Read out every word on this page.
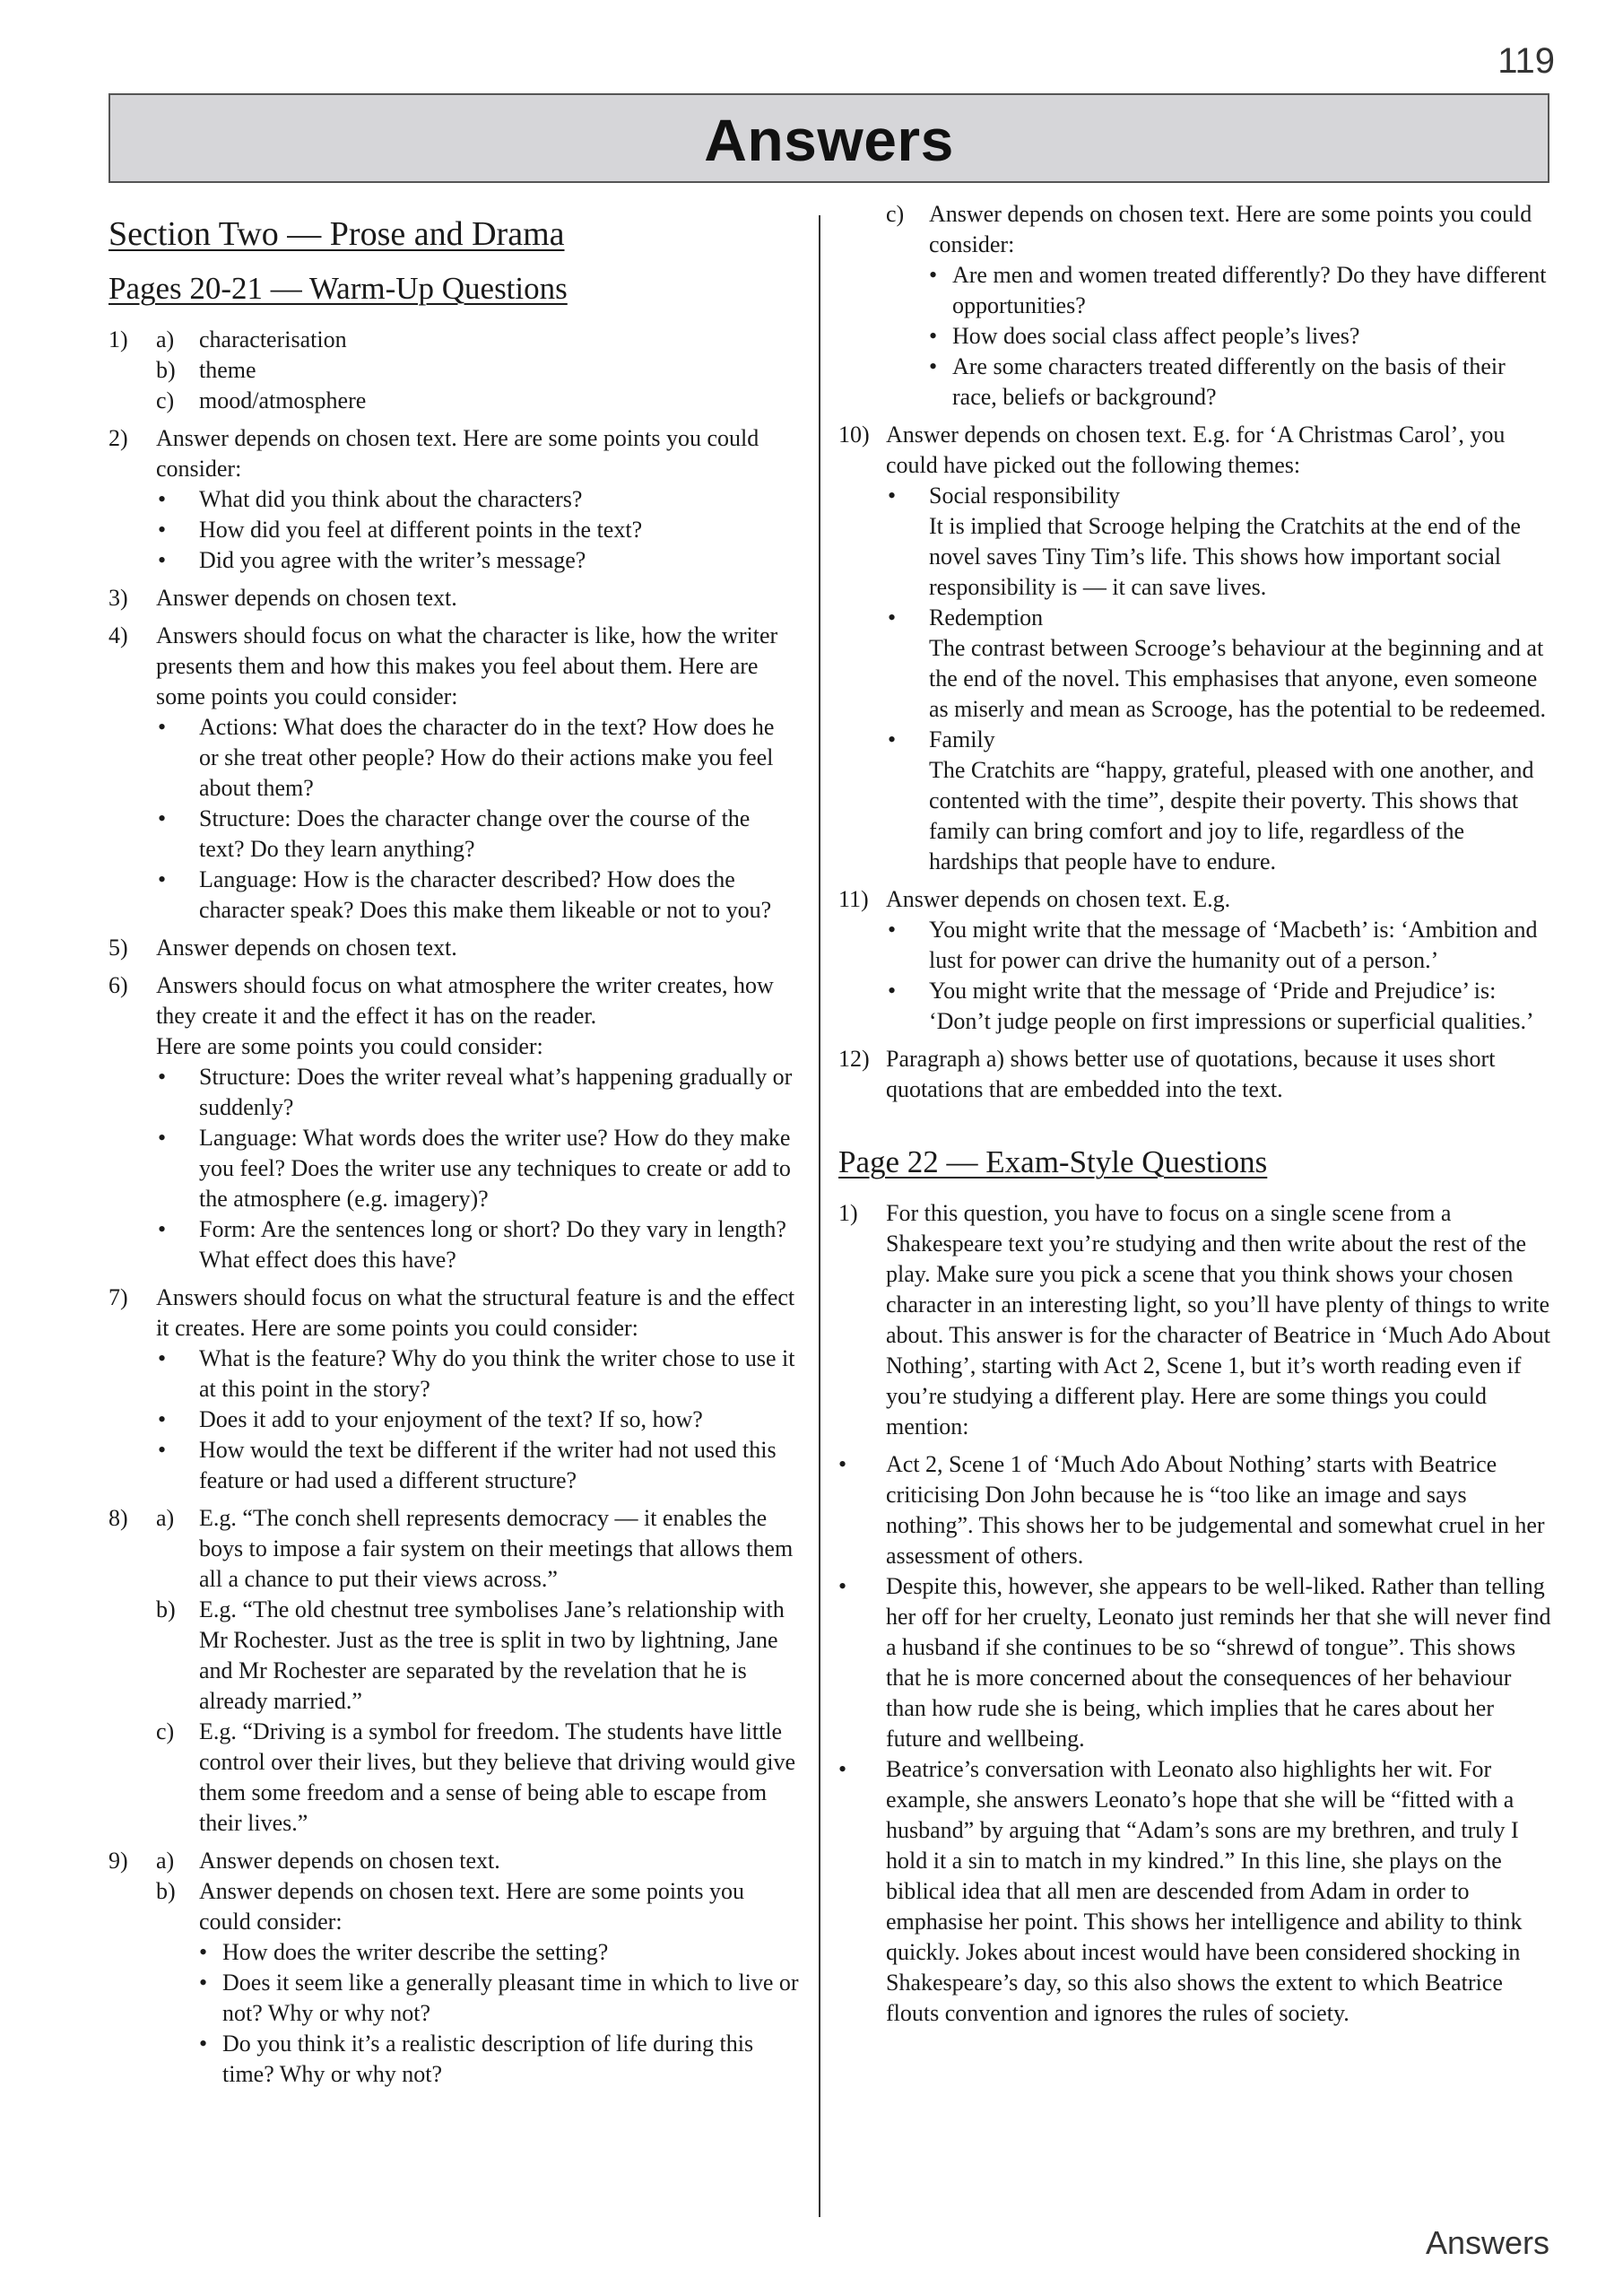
119
Answers
Section Two — Prose and Drama
Pages 20-21 — Warm-Up Questions
1)	a)	characterisation
b)	theme
c)	mood/atmosphere
2)	Answer depends on chosen text. Here are some points you could consider:
•	What did you think about the characters?
•	How did you feel at different points in the text?
•	Did you agree with the writer’s message?
3)	Answer depends on chosen text.
4)	Answers should focus on what the character is like, how the writer presents them and how this makes you feel about them. Here are some points you could consider:
•	Actions: What does the character do in the text? How does he or she treat other people? How do their actions make you feel about them?
•	Structure: Does the character change over the course of the text? Do they learn anything?
•	Language: How is the character described? How does the character speak? Does this make them likeable or not to you?
5)	Answer depends on chosen text.
6)	Answers should focus on what atmosphere the writer creates, how they create it and the effect it has on the reader.
Here are some points you could consider:
•	Structure: Does the writer reveal what’s happening gradually or suddenly?
•	Language: What words does the writer use? How do they make you feel? Does the writer use any techniques to create or add to the atmosphere (e.g. imagery)?
•	Form: Are the sentences long or short? Do they vary in length? What effect does this have?
7)	Answers should focus on what the structural feature is and the effect it creates. Here are some points you could consider:
•	What is the feature? Why do you think the writer chose to use it at this point in the story?
•	Does it add to your enjoyment of the text? If so, how?
•	How would the text be different if the writer had not used this feature or had used a different structure?
8)	a)	E.g. “The conch shell represents democracy — it enables the boys to impose a fair system on their meetings that allows them all a chance to put their views across.”
b)	E.g. “The old chestnut tree symbolises Jane’s relationship with Mr Rochester. Just as the tree is split in two by lightning, Jane and Mr Rochester are separated by the revelation that he is already married.”
c)	E.g. “Driving is a symbol for freedom. The students have little control over their lives, but they believe that driving would give them some freedom and a sense of being able to escape from their lives.”
9)	a)	Answer depends on chosen text.
b)	Answer depends on chosen text. Here are some points you could consider:
• How does the writer describe the setting?
• Does it seem like a generally pleasant time in which to live or not? Why or why not?
• Do you think it’s a realistic description of life during this time? Why or why not?
c)	Answer depends on chosen text. Here are some points you could consider:
• Are men and women treated differently? Do they have different opportunities?
• How does social class affect people’s lives?
• Are some characters treated differently on the basis of their race, beliefs or background?
10) Answer depends on chosen text. E.g. for ‘A Christmas Carol’, you could have picked out the following themes:
•	Social responsibility
It is implied that Scrooge helping the Cratchits at the end of the novel saves Tiny Tim’s life. This shows how important social responsibility is — it can save lives.
•	Redemption
The contrast between Scrooge’s behaviour at the beginning and at the end of the novel. This emphasises that anyone, even someone as miserly and mean as Scrooge, has the potential to be redeemed.
•	Family
The Cratchits are “happy, grateful, pleased with one another, and contented with the time”, despite their poverty. This shows that family can bring comfort and joy to life, regardless of the hardships that people have to endure.
11) Answer depends on chosen text. E.g.
•	You might write that the message of ‘Macbeth’ is: ‘Ambition and lust for power can drive the humanity out of a person.’
•	You might write that the message of ‘Pride and Prejudice’ is: ‘Don’t judge people on first impressions or superficial qualities.’
12) Paragraph a) shows better use of quotations, because it uses short quotations that are embedded into the text.
Page 22 — Exam-Style Questions
1)	For this question, you have to focus on a single scene from a Shakespeare text you’re studying and then write about the rest of the play. Make sure you pick a scene that you think shows your chosen character in an interesting light, so you’ll have plenty of things to write about. This answer is for the character of Beatrice in ‘Much Ado About Nothing’, starting with Act 2, Scene 1, but it’s worth reading even if you’re studying a different play. Here are some things you could mention:
•	Act 2, Scene 1 of ‘Much Ado About Nothing’ starts with Beatrice criticising Don John because he is “too like an image and says nothing”. This shows her to be judgemental and somewhat cruel in her assessment of others.
•	Despite this, however, she appears to be well-liked. Rather than telling her off for her cruelty, Leonato just reminds her that she will never find a husband if she continues to be so “shrewd of tongue”. This shows that he is more concerned about the consequences of her behaviour than how rude she is being, which implies that he cares about her future and wellbeing.
•	Beatrice’s conversation with Leonato also highlights her wit. For example, she answers Leonato’s hope that she will be “fitted with a husband” by arguing that “Adam’s sons are my brethren, and truly I hold it a sin to match in my kindred.” In this line, she plays on the biblical idea that all men are descended from Adam in order to emphasise her point. This shows her intelligence and ability to think quickly. Jokes about incest would have been considered shocking in Shakespeare’s day, so this also shows the extent to which Beatrice flouts convention and ignores the rules of society.
Answers
